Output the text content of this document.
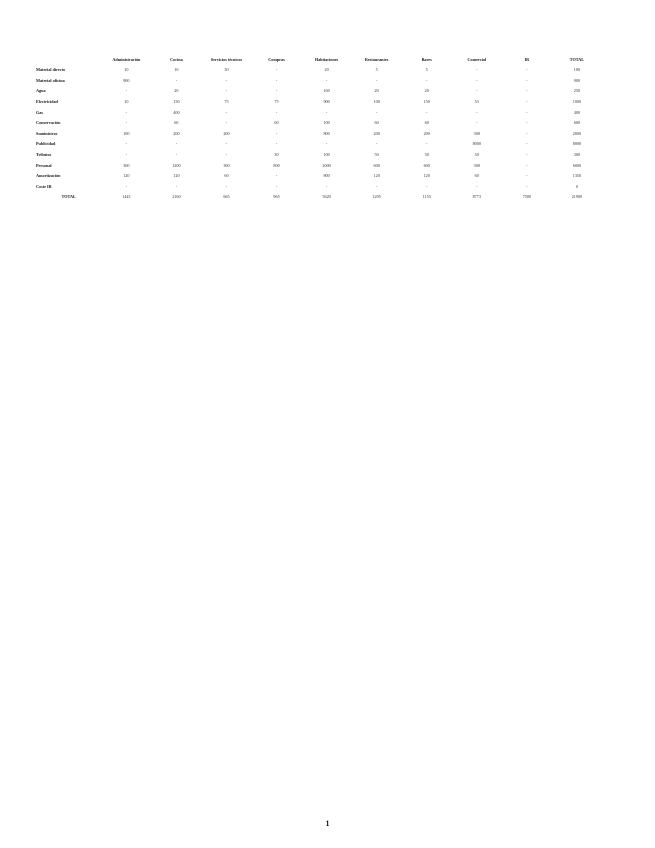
	Administración	Cocina	Servicios técnicos	Compras	Habitaciones	Restaurantes	Bares	Comercial	IR	TOTAL
Material directo	10	10	30	-	20	5	5	-	-	100
Material oficina	900	-	-	-	-	-	-	-	-	900
Agua	-	20	-	-	160	20	20	-	-	250
Electricidad	10	150	75	75	900	100	150	53	-	1000
Gas	-	400	-	-	-	-	-	-	-	400
Conservación	-	60	-	60	100	60	60	-	-	600
Suministros	100	200	200	-	800	200	200	300	-	2000
Publicidad	-	-	-	-	-	-	-	8000	-	8000
Tributos	-	-	-	30	100	50	50	50	-	300
Personal	300	1200	300	800	2000	600	600	300	-	6000
Amortización	120	120	60	-	800	120	120	60	-	1350
Coste IR	-	-	-	-	-	-	-	-	-	0
TOTAL	1443	2160	665	965	5620	1205	1155	8773	7500	21900
1
